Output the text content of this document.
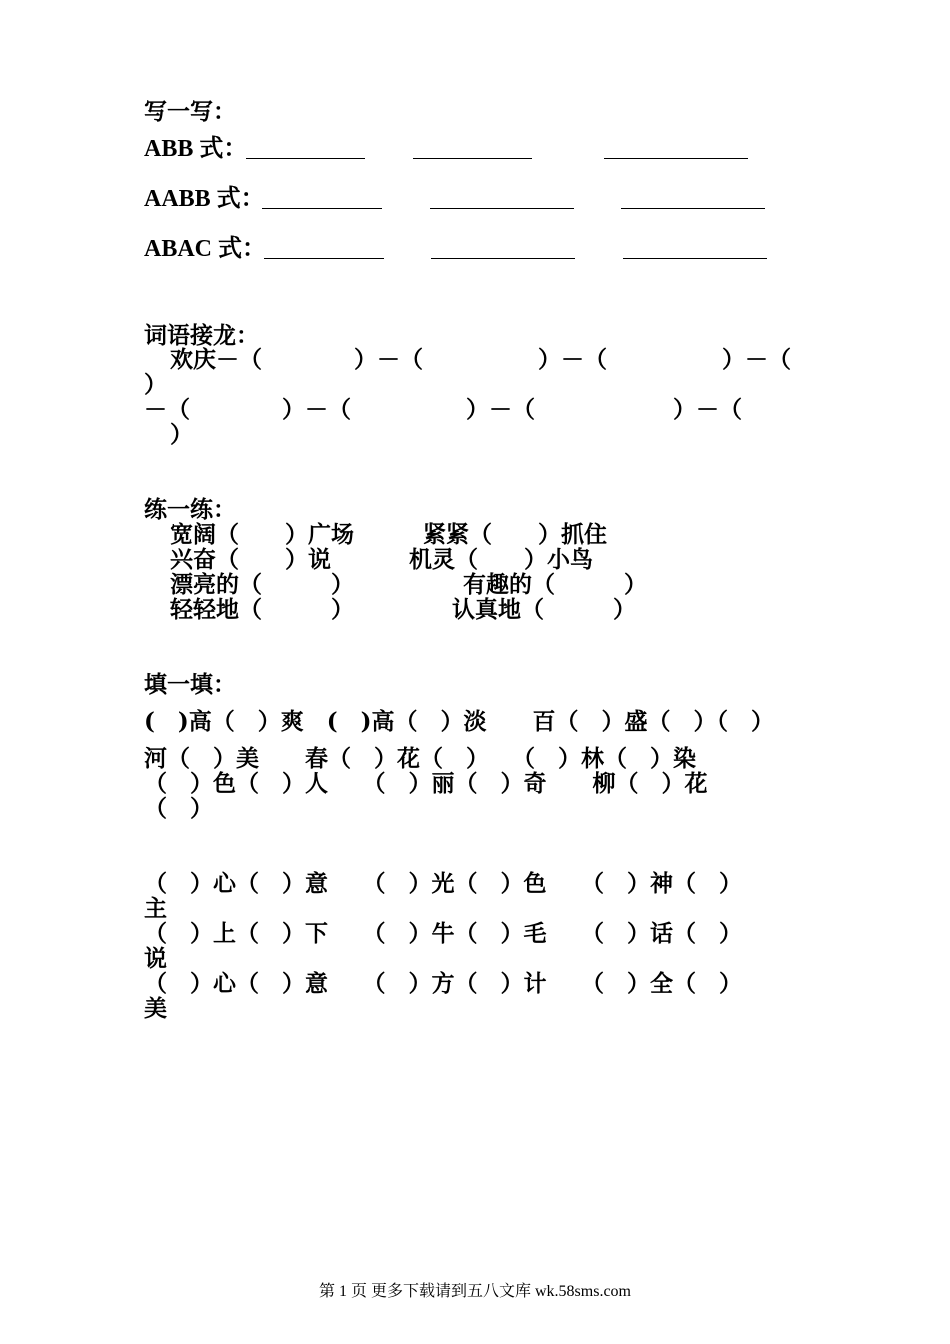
写一写：
ABB 式：
AABB 式：
ABAC 式：
词语接龙：
欢庆－（　　　　）－（　　　　　）－（　　　　　）－（
）
－（　　　　）－（　　　　　）－（　　　　　　）－（
）
练一练：
宽阔（　　）广场	紧紧（　　）抓住
兴奋（　　）说	机灵（　　）小鸟
漂亮的（　　　）	有趣的（　　　）
轻轻地（　　　）	认真地（　　　）
填一填：
(　)高（　）爽　(　)高（　）淡　　百（　）盛（　）（　）
河（　）美　　春（　）花（　）　　（　）林（　）染
（　）色（　）人　　（　）丽（　）奇　　柳（　）花
（　）
（　）心（　）意　　（　）光（　）色　　（　）神（　）
主
（　）上（　）下　　（　）牛（　）毛　　（　）话（　）
说
（　）心（　）意　　（　）方（　）计　　（　）全（　）
美
第 1 页 更多下载请到五八文库 wk.58sms.com
